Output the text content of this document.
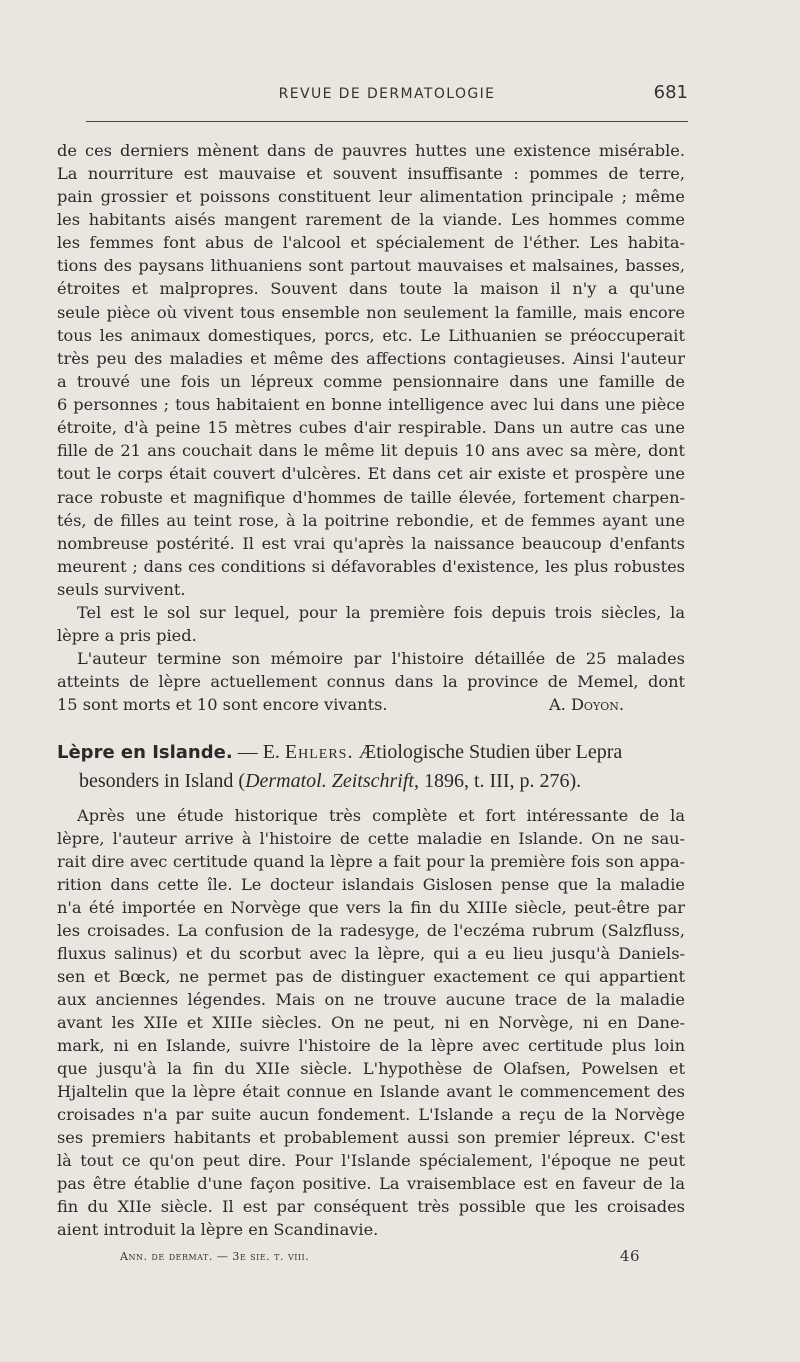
REVUE DE DERMATOLOGIE	681
de ces derniers mènent dans de pauvres huttes une existence misérable.
La nourriture est mauvaise et souvent insuffisante : pommes de terre,
pain grossier et poissons constituent leur alimentation principale ; même
les habitants aisés mangent rarement de la viande. Les hommes comme
les femmes font abus de l'alcool et spécialement de l'éther. Les habita-
tions des paysans lithuaniens sont partout mauvaises et malsaines, basses,
étroites et malpropres. Souvent dans toute la maison il n'y a qu'une
seule pièce où vivent tous ensemble non seulement la famille, mais encore
tous les animaux domestiques, porcs, etc. Le Lithuanien se préoccuperait
très peu des maladies et même des affections contagieuses. Ainsi l'auteur
a trouvé une fois un lépreux comme pensionnaire dans une famille de
6 personnes ; tous habitaient en bonne intelligence avec lui dans une pièce
étroite, d'à peine 15 mètres cubes d'air respirable. Dans un autre cas une
fille de 21 ans couchait dans le même lit depuis 10 ans avec sa mère, dont
tout le corps était couvert d'ulcères. Et dans cet air existe et prospère une
race robuste et magnifique d'hommes de taille élevée, fortement charpen-
tés, de filles au teint rose, à la poitrine rebondie, et de femmes ayant une
nombreuse postérité. Il est vrai qu'après la naissance beaucoup d'enfants
meurent ; dans ces conditions si défavorables d'existence, les plus robustes
seuls survivent.
Tel est le sol sur lequel, pour la première fois depuis trois siècles, la
lèpre a pris pied.
L'auteur termine son mémoire par l'histoire détaillée de 25 malades
atteints de lèpre actuellement connus dans la province de Memel, dont
15 sont morts et 10 sont encore vivants.	A. Doyon.
Lèpre en Islande. — E. Ehlers. Ætiologische Studien über Lepra
besonders in Island (Dermatol. Zeitschrift, 1896, t. III, p. 276).
Après une étude historique très complète et fort intéressante de la
lèpre, l'auteur arrive à l'histoire de cette maladie en Islande. On ne sau-
rait dire avec certitude quand la lèpre a fait pour la première fois son appa-
rition dans cette île. Le docteur islandais Gislosen pense que la maladie
n'a été importée en Norvège que vers la fin du XIIIe siècle, peut-être par
les croisades. La confusion de la radesyge, de l'eczéma rubrum (Salzfluss,
fluxus salinus) et du scorbut avec la lèpre, qui a eu lieu jusqu'à Daniels-
sen et Bœck, ne permet pas de distinguer exactement ce qui appartient
aux anciennes légendes. Mais on ne trouve aucune trace de la maladie
avant les XIIe et XIIIe siècles. On ne peut, ni en Norvège, ni en Dane-
mark, ni en Islande, suivre l'histoire de la lèpre avec certitude plus loin
que jusqu'à la fin du XIIe siècle. L'hypothèse de Olafsen, Powelsen et
Hjaltelin que la lèpre était connue en Islande avant le commencement des
croisades n'a par suite aucun fondement. L'Islande a reçu de la Norvège
ses premiers habitants et probablement aussi son premier lépreux. C'est
là tout ce qu'on peut dire. Pour l'Islande spécialement, l'époque ne peut
pas être établie d'une façon positive. La vraisemblace est en faveur de la
fin du XIIe siècle. Il est par conséquent très possible que les croisades
aient introduit la lèpre en Scandinavie.
Ann. de dermat. — 3e sie. t. viii.	46
